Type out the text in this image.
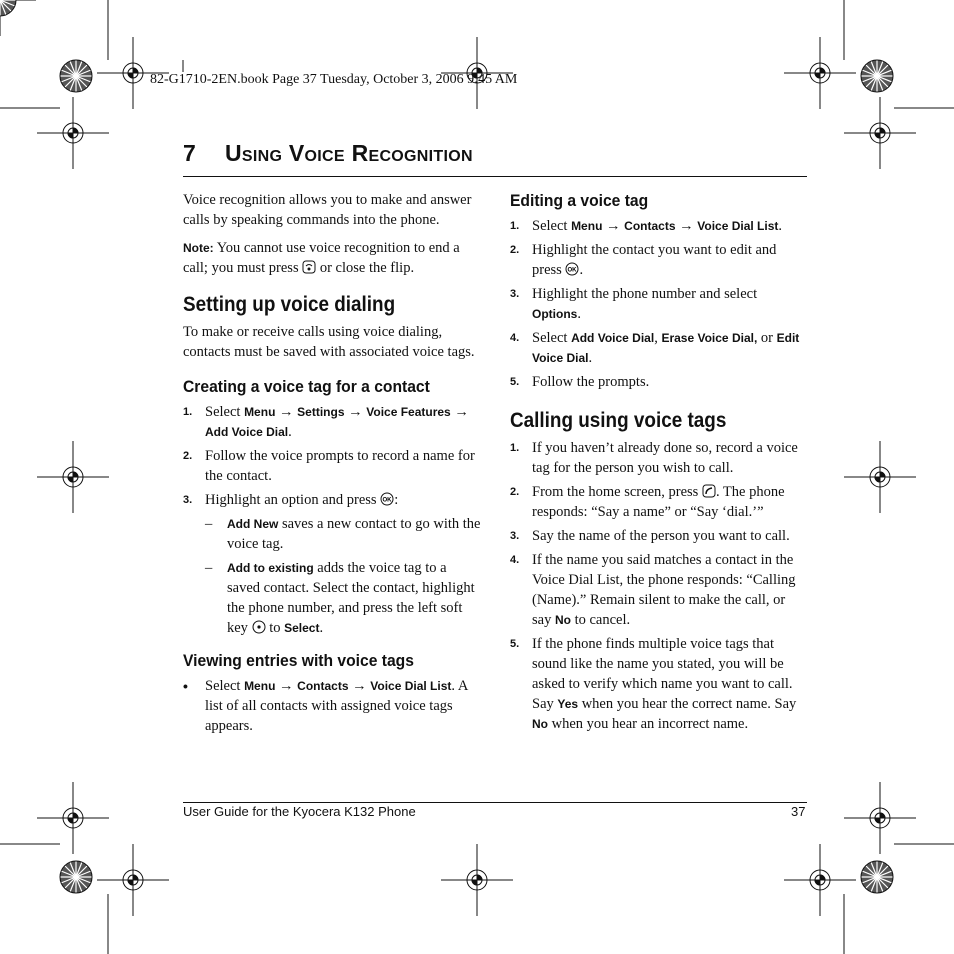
82-G1710-2EN.book Page 37 Tuesday, October 3, 2006 9:45 AM
7 Using Voice Recognition

Voice recognition allows you to make and answer calls by speaking commands into the phone.

Note: You cannot use voice recognition to end a call; you must press  or close the flip.

Setting up voice dialing

To make or receive calls using voice dialing, contacts must be saved with associated voice tags.

Creating a voice tag for a contact
1. Select Menu → Settings → Voice Features → Add Voice Dial.
2. Follow the voice prompts to record a name for the contact.
3. Highlight an option and press OK :
– Add New saves a new contact to go with the voice tag.
– Add to existing adds the voice tag to a saved contact. Select the contact, highlight the phone number, and press the left soft key  to Select.
Viewing entries with voice tags
• Select Menu → Contacts → Voice Dial List. A list of all contacts with assigned voice tags appears.
Editing a voice tag
1. Select Menu → Contacts → Voice Dial List.
2. Highlight the contact you want to edit and press OK .
3. Highlight the phone number and select Options.
4. Select Add Voice Dial, Erase Voice Dial, or Edit Voice Dial.
5. Follow the prompts.
Calling using voice tags
1. If you haven’t already done so, record a voice tag for the person you wish to call.
2. From the home screen, press . The phone responds: “Say a name” or “Say ‘dial.’”
3. Say the name of the person you want to call.
4. If the name you said matches a contact in the Voice Dial List, the phone responds: “Calling (Name).” Remain silent to make the call, or say No to cancel.
5. If the phone finds multiple voice tags that sound like the name you stated, you will be asked to verify which name you want to call. Say Yes when you hear the correct name. Say No when you hear an incorrect name.
User Guide for the Kyocera K132 Phone	37
